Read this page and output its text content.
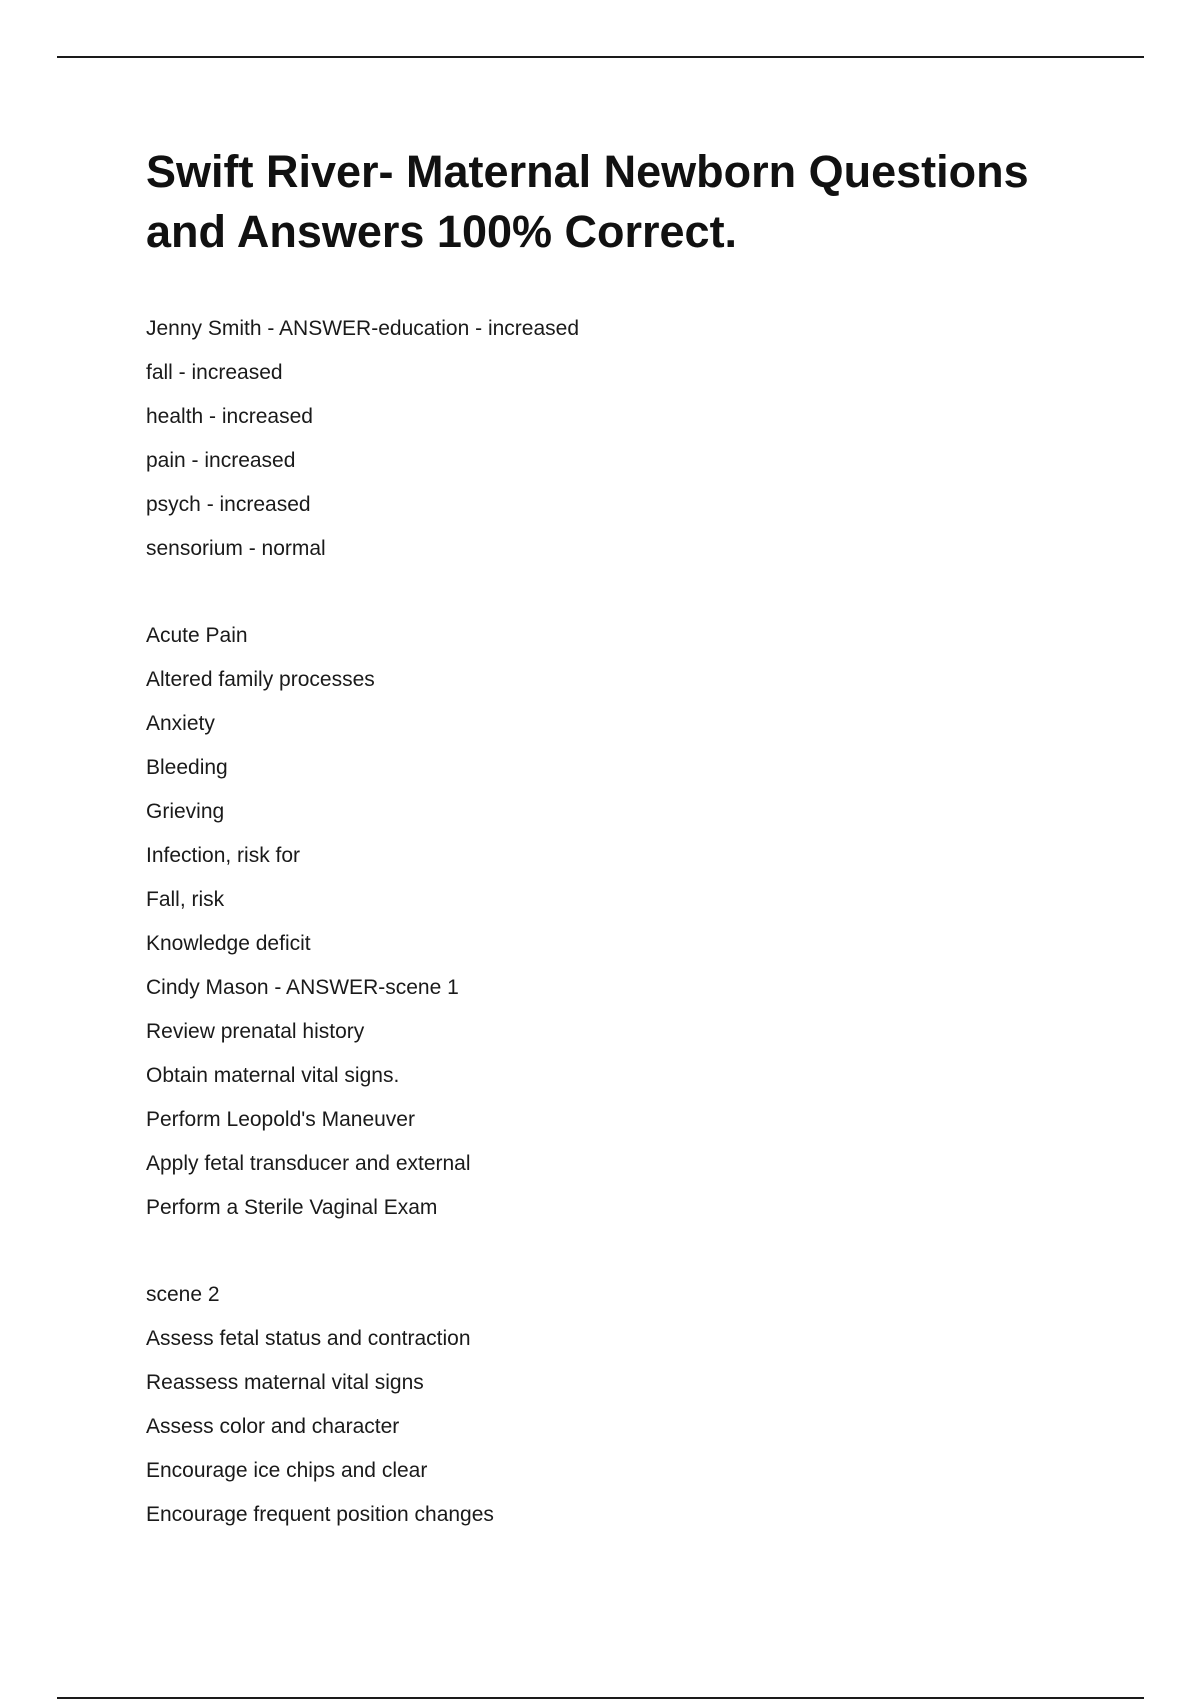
Swift River- Maternal Newborn Questions and Answers 100% Correct.
Jenny Smith - ANSWER-education - increased
fall - increased
health - increased
pain - increased
psych - increased
sensorium - normal
Acute Pain
Altered family processes
Anxiety
Bleeding
Grieving
Infection, risk for
Fall, risk
Knowledge deficit
Cindy Mason - ANSWER-scene 1
Review prenatal history
Obtain maternal vital signs.
Perform Leopold's Maneuver
Apply fetal transducer and external
Perform a Sterile Vaginal Exam
scene 2
Assess fetal status and contraction
Reassess maternal vital signs
Assess color and character
Encourage ice chips and clear
Encourage frequent position changes
